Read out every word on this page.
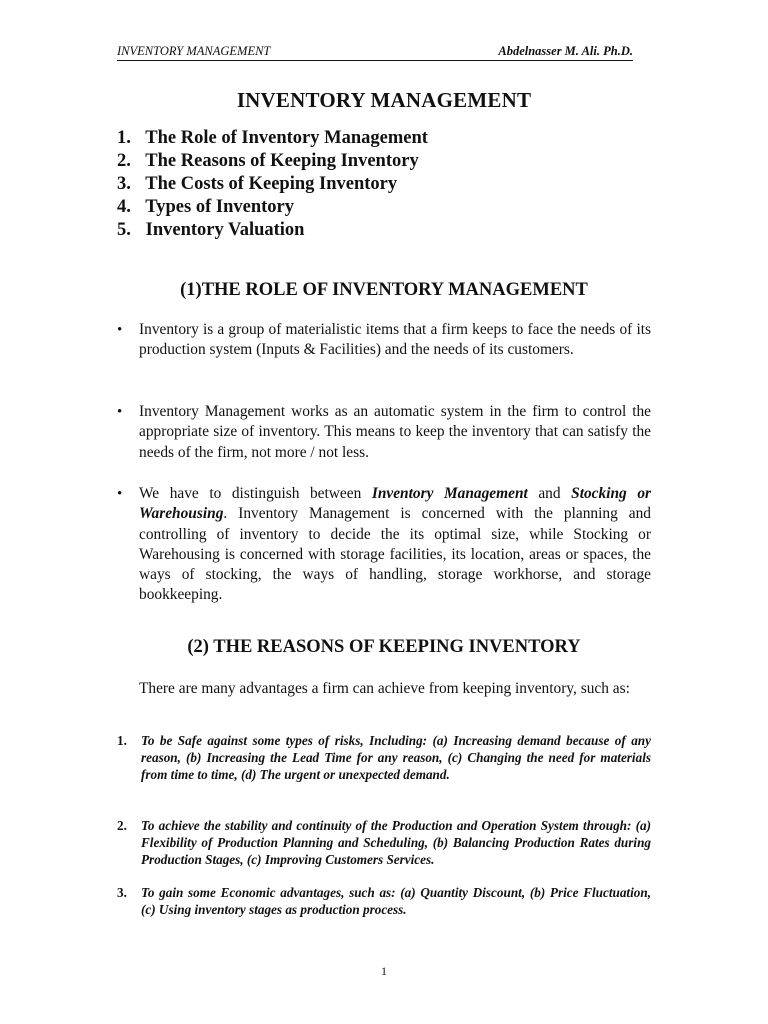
INVENTORY MANAGEMENT	Abdelnasser M. Ali. Ph.D.
INVENTORY MANAGEMENT
1. The Role of Inventory Management
2. The Reasons of Keeping Inventory
3. The Costs of Keeping Inventory
4. Types of Inventory
5. Inventory Valuation
(1)THE ROLE OF INVENTORY MANAGEMENT
•	Inventory is a group of materialistic items that a firm keeps to face the needs of its production system (Inputs & Facilities) and the needs of its customers.
•	Inventory Management works as an automatic system in the firm to control the appropriate size of inventory. This means to keep the inventory that can satisfy the needs of the firm, not more / not less.
•	We have to distinguish between Inventory Management and Stocking or Warehousing. Inventory Management is concerned with the planning and controlling of inventory to decide the its optimal size, while Stocking or Warehousing is concerned with storage facilities, its location, areas or spaces, the ways of stocking, the ways of handling, storage workhorse, and storage bookkeeping.
(2) THE REASONS OF KEEPING INVENTORY
There are many advantages a firm can achieve from keeping inventory, such as:
1.	To be Safe against some types of risks, Including: (a) Increasing demand because of any reason, (b) Increasing the Lead Time for any reason, (c) Changing the need for materials from time to time, (d) The urgent or unexpected demand.
2.	To achieve the stability and continuity of the Production and Operation System through: (a) Flexibility of Production Planning and Scheduling, (b) Balancing Production Rates during Production Stages, (c) Improving Customers Services.
3.	To gain some Economic advantages, such as: (a) Quantity Discount, (b) Price Fluctuation, (c) Using inventory stages as production process.
1
